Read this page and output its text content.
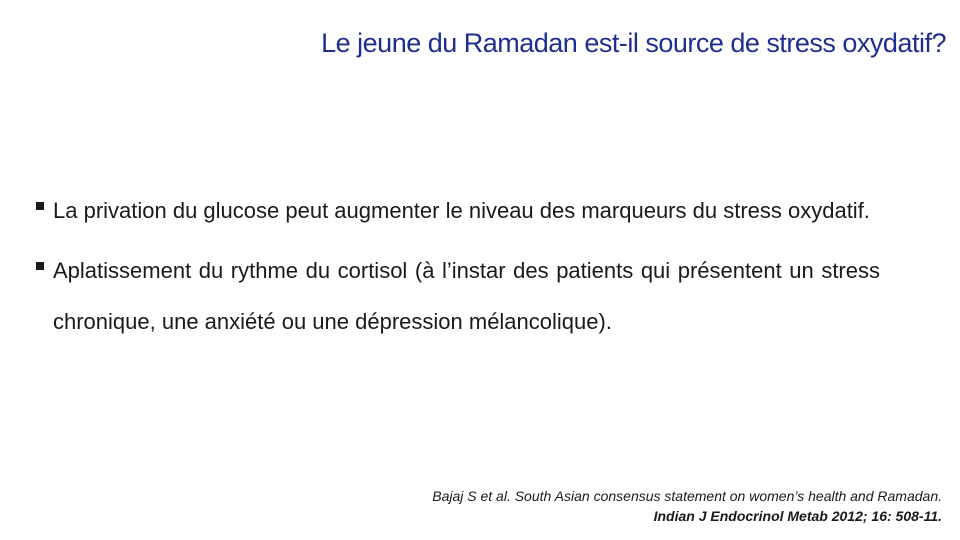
Le jeune du Ramadan est-il source de stress oxydatif?

La privation du glucose peut augmenter le niveau des marqueurs du stress oxydatif.

Aplatissement du rythme du cortisol (à l’instar des patients qui présentent un stress chronique, une anxiété ou une dépression mélancolique).

Bajaj S et al. South Asian consensus statement on women’s health and Ramadan.
Indian J Endocrinol Metab 2012; 16: 508-11.
